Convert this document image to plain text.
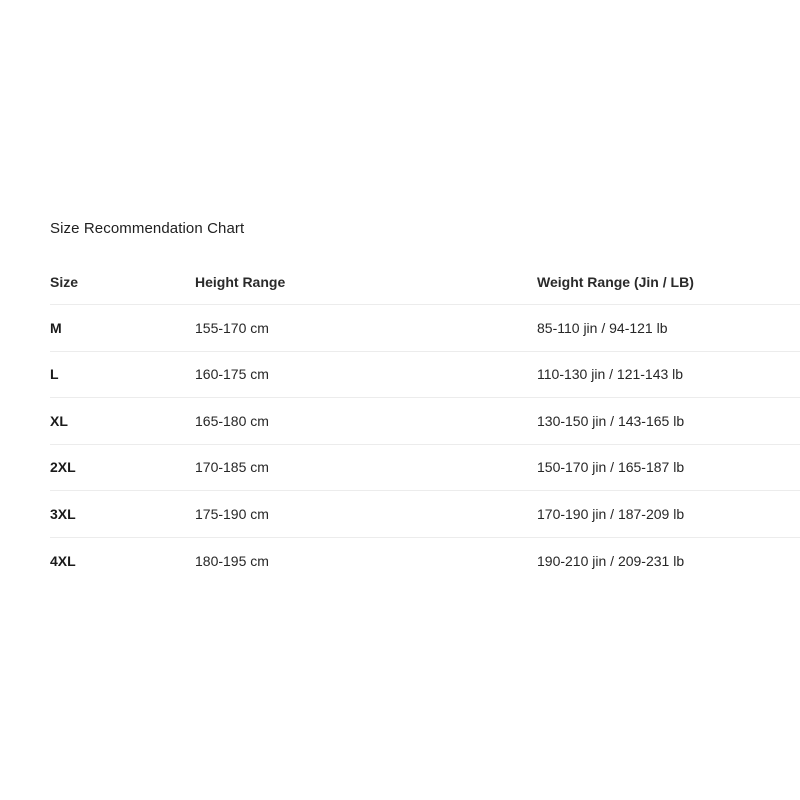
Size Recommendation Chart
Size	Height Range	Weight Range (Jin / LB)
M	155-170 cm	85-110 jin / 94-121 lb
L	160-175 cm	110-130 jin / 121-143 lb
XL	165-180 cm	130-150 jin / 143-165 lb
2XL	170-185 cm	150-170 jin / 165-187 lb
3XL	175-190 cm	170-190 jin / 187-209 lb
4XL	180-195 cm	190-210 jin / 209-231 lb
